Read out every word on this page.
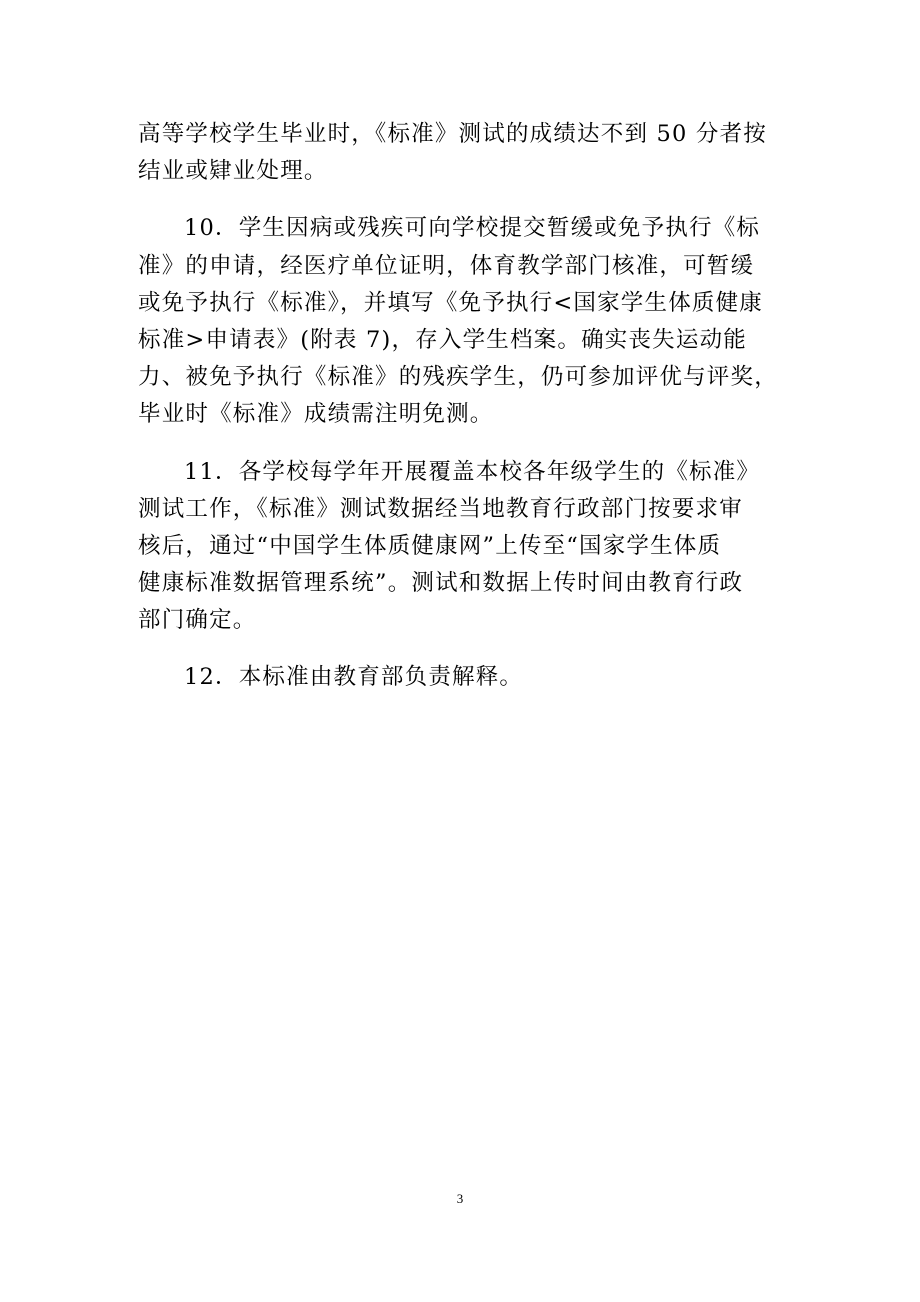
高等学校学生毕业时，《标准》测试的成绩达不到 50 分者按
结业或肄业处理。
10．学生因病或残疾可向学校提交暂缓或免予执行《标
准》的申请，经医疗单位证明，体育教学部门核准，可暂缓
或免予执行《标准》，并填写《免予执行<国家学生体质健康
标准>申请表》(附表 7)，存入学生档案。确实丧失运动能
力、被免予执行《标准》的残疾学生，仍可参加评优与评奖，
毕业时《标准》成绩需注明免测。
11．各学校每学年开展覆盖本校各年级学生的《标准》
测试工作，《标准》测试数据经当地教育行政部门按要求审
核后，通过“中国学生体质健康网”上传至“国家学生体质
健康标准数据管理系统”。测试和数据上传时间由教育行政
部门确定。
12．本标准由教育部负责解释。
3
